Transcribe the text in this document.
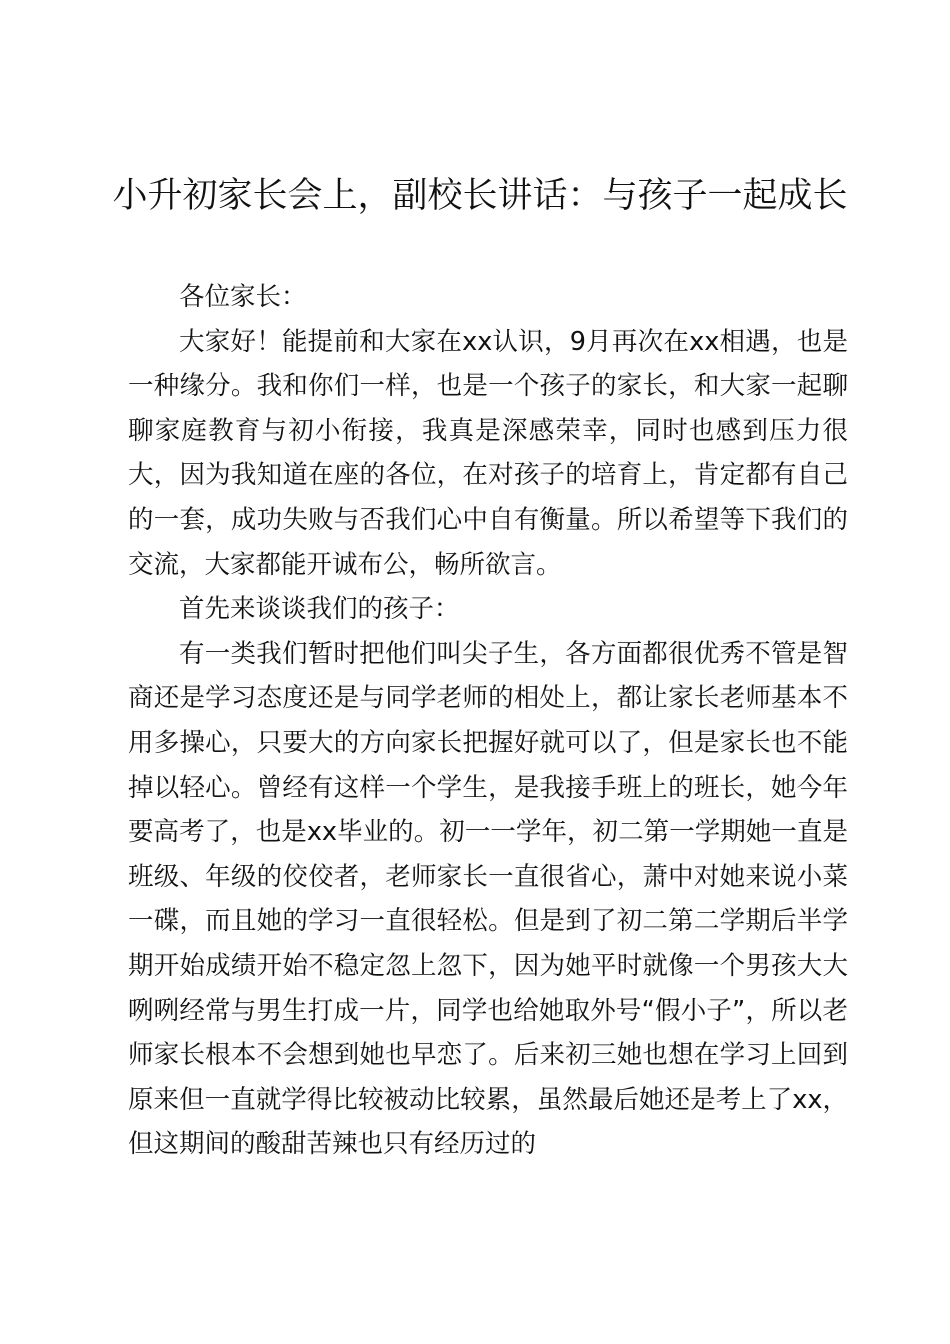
小升初家长会上，副校长讲话：与孩子一起成长

各位家长：

大家好！能提前和大家在xx认识，9月再次在xx相遇，也是一种缘分。我和你们一样，也是一个孩子的家长，和大家一起聊聊家庭教育与初小衔接，我真是深感荣幸，同时也感到压力很大，因为我知道在座的各位，在对孩子的培育上，肯定都有自己的一套，成功失败与否我们心中自有衡量。所以希望等下我们的交流，大家都能开诚布公，畅所欲言。

首先来谈谈我们的孩子：

有一类我们暂时把他们叫尖子生，各方面都很优秀不管是智商还是学习态度还是与同学老师的相处上，都让家长老师基本不用多操心，只要大的方向家长把握好就可以了，但是家长也不能掉以轻心。曾经有这样一个学生，是我接手班上的班长，她今年要高考了，也是xx毕业的。初一一学年，初二第一学期她一直是班级、年级的佼佼者，老师家长一直很省心，萧中对她来说小菜一碟，而且她的学习一直很轻松。但是到了初二第二学期后半学期开始成绩开始不稳定忽上忽下，因为她平时就像一个男孩大大咧咧经常与男生打成一片，同学也给她取外号“假小子”，所以老师家长根本不会想到她也早恋了。后来初三她也想在学习上回到原来但一直就学得比较被动比较累，虽然最后她还是考上了xx，但这期间的酸甜苦辣也只有经历过的
